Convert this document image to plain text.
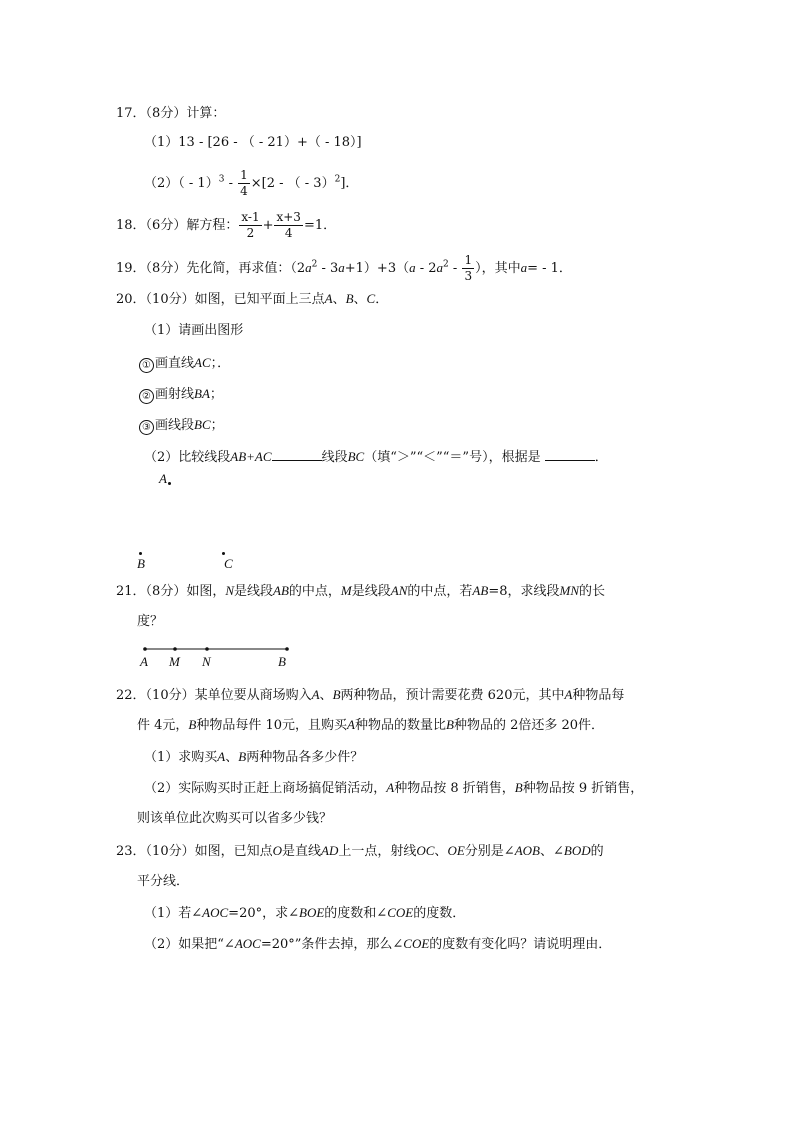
17．（8分）计算：
（1）13 - [26 - （ - 21）+（ - 18）]
$(2)( - 1)^3 - \frac{1}{4} \times[2$ - （ - 3）$^2$]．
18．（6分）解方程： $\frac{x-1}{2} + \frac{x+3}{4} =1$．
19．（8分）先化简，再求值：$(2a^2 - 3a+1)+3(a - 2a^2 - \frac{1}{3}$ ），其中a= - 1．
20．（10分）如图，已知平面上三点A、B、C．
（1）请画出图形
① 画直线AC；．
② 画射线BA；
③ 画线段BC；
（2）比较线段AB+AC	线段BC（填“＞”“＜”“＝”号），根据是	．
A
B	C
21．（8分）如图，N是线段AB的中点，M是线段AN的中点，若AB=8，求线段MN的长
度？
A M N	B
22．（10分）某单位要从商场购入A、B两种物品，预计需要花费 620元，其中A种物品每
件 4元，B种物品每件 10元，且购买A种物品的数量比B种物品的 2倍还多 20件．
（1）求购买A、B两种物品各多少件？
（2）实际购买时正赶上商场搞促销活动，A种物品按 8 折销售，B种物品按 9 折销售，
则该单位此次购买可以省多少钱？
23．（10分）如图，已知点O是直线AD上一点，射线OC、OE分别是∠AOB、∠BOD的
平分线．
（1）若∠AOC=20°，求∠BOE的度数和∠COE的度数．
（2）如果把“∠AOC=20°”条件去掉，那么∠COE的度数有变化吗？请说明理由．
